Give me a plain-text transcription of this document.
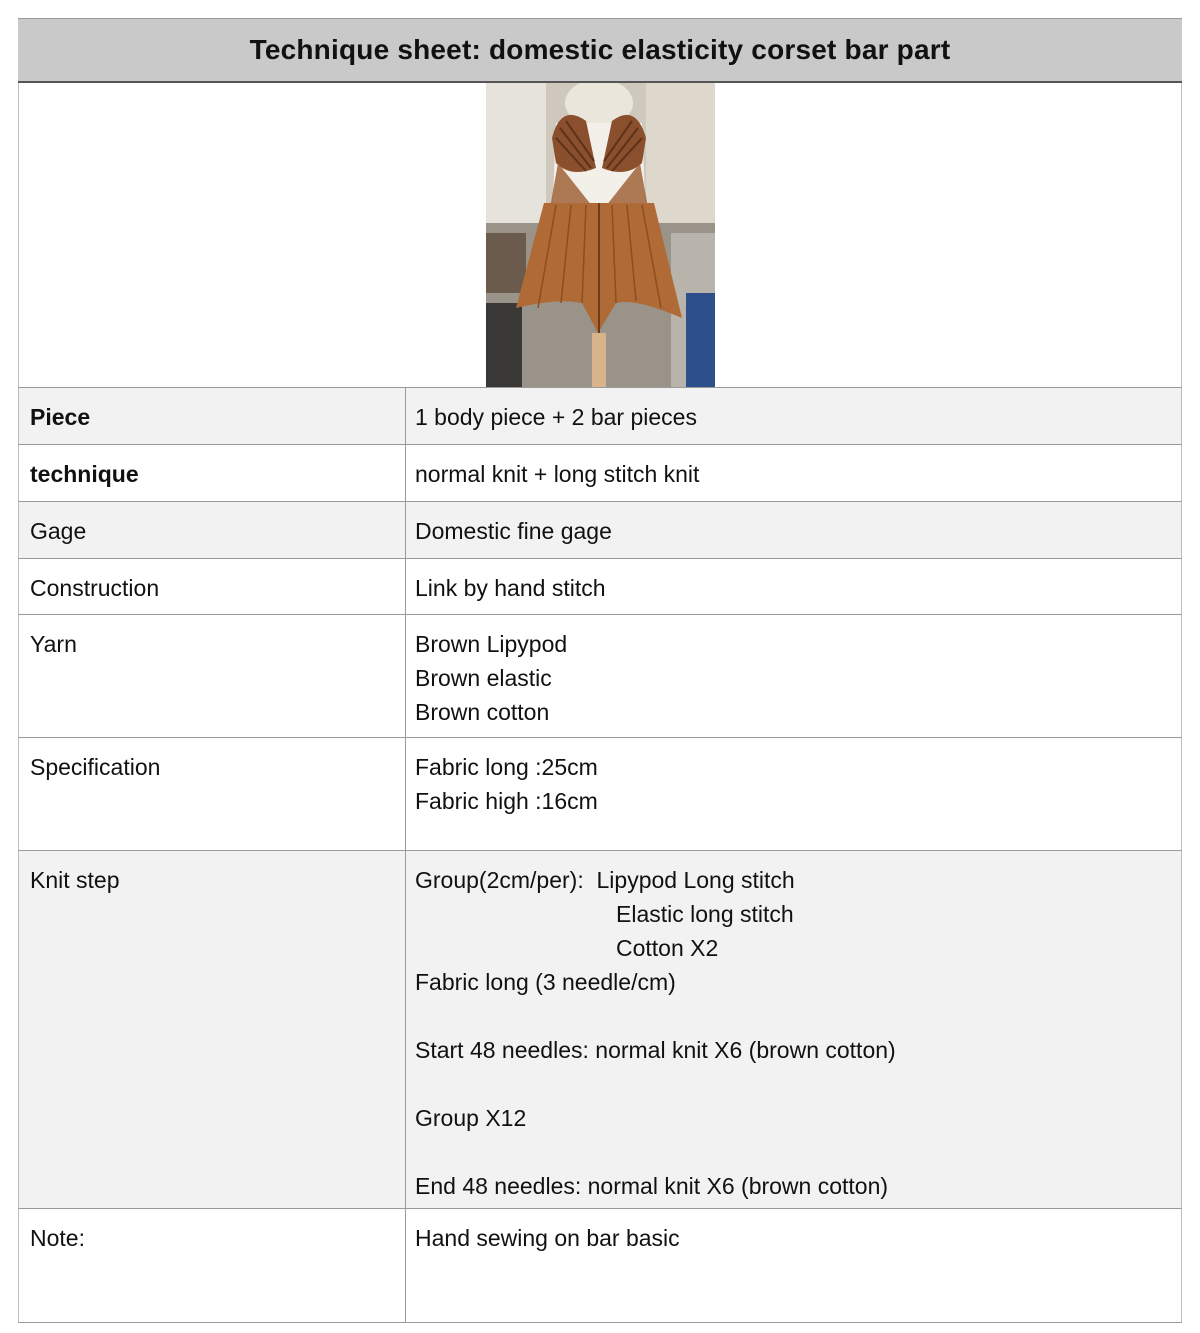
Technique sheet: domestic elasticity corset bar part
Piece	1 body piece + 2 bar pieces
technique	normal knit + long stitch knit
Gage	Domestic fine gage
Construction	Link by hand stitch
Yarn	Brown Lipypod
Brown elastic
Brown cotton
Specification	Fabric long :25cm
Fabric high :16cm
Knit step	Group(2cm/per):  Lipypod Long stitch
Elastic long stitch
Cotton X2
Fabric long (3 needle/cm)
Start 48 needles: normal knit X6 (brown cotton)
Group X12
End 48 needles: normal knit X6 (brown cotton)
Note:	Hand sewing on bar basic
